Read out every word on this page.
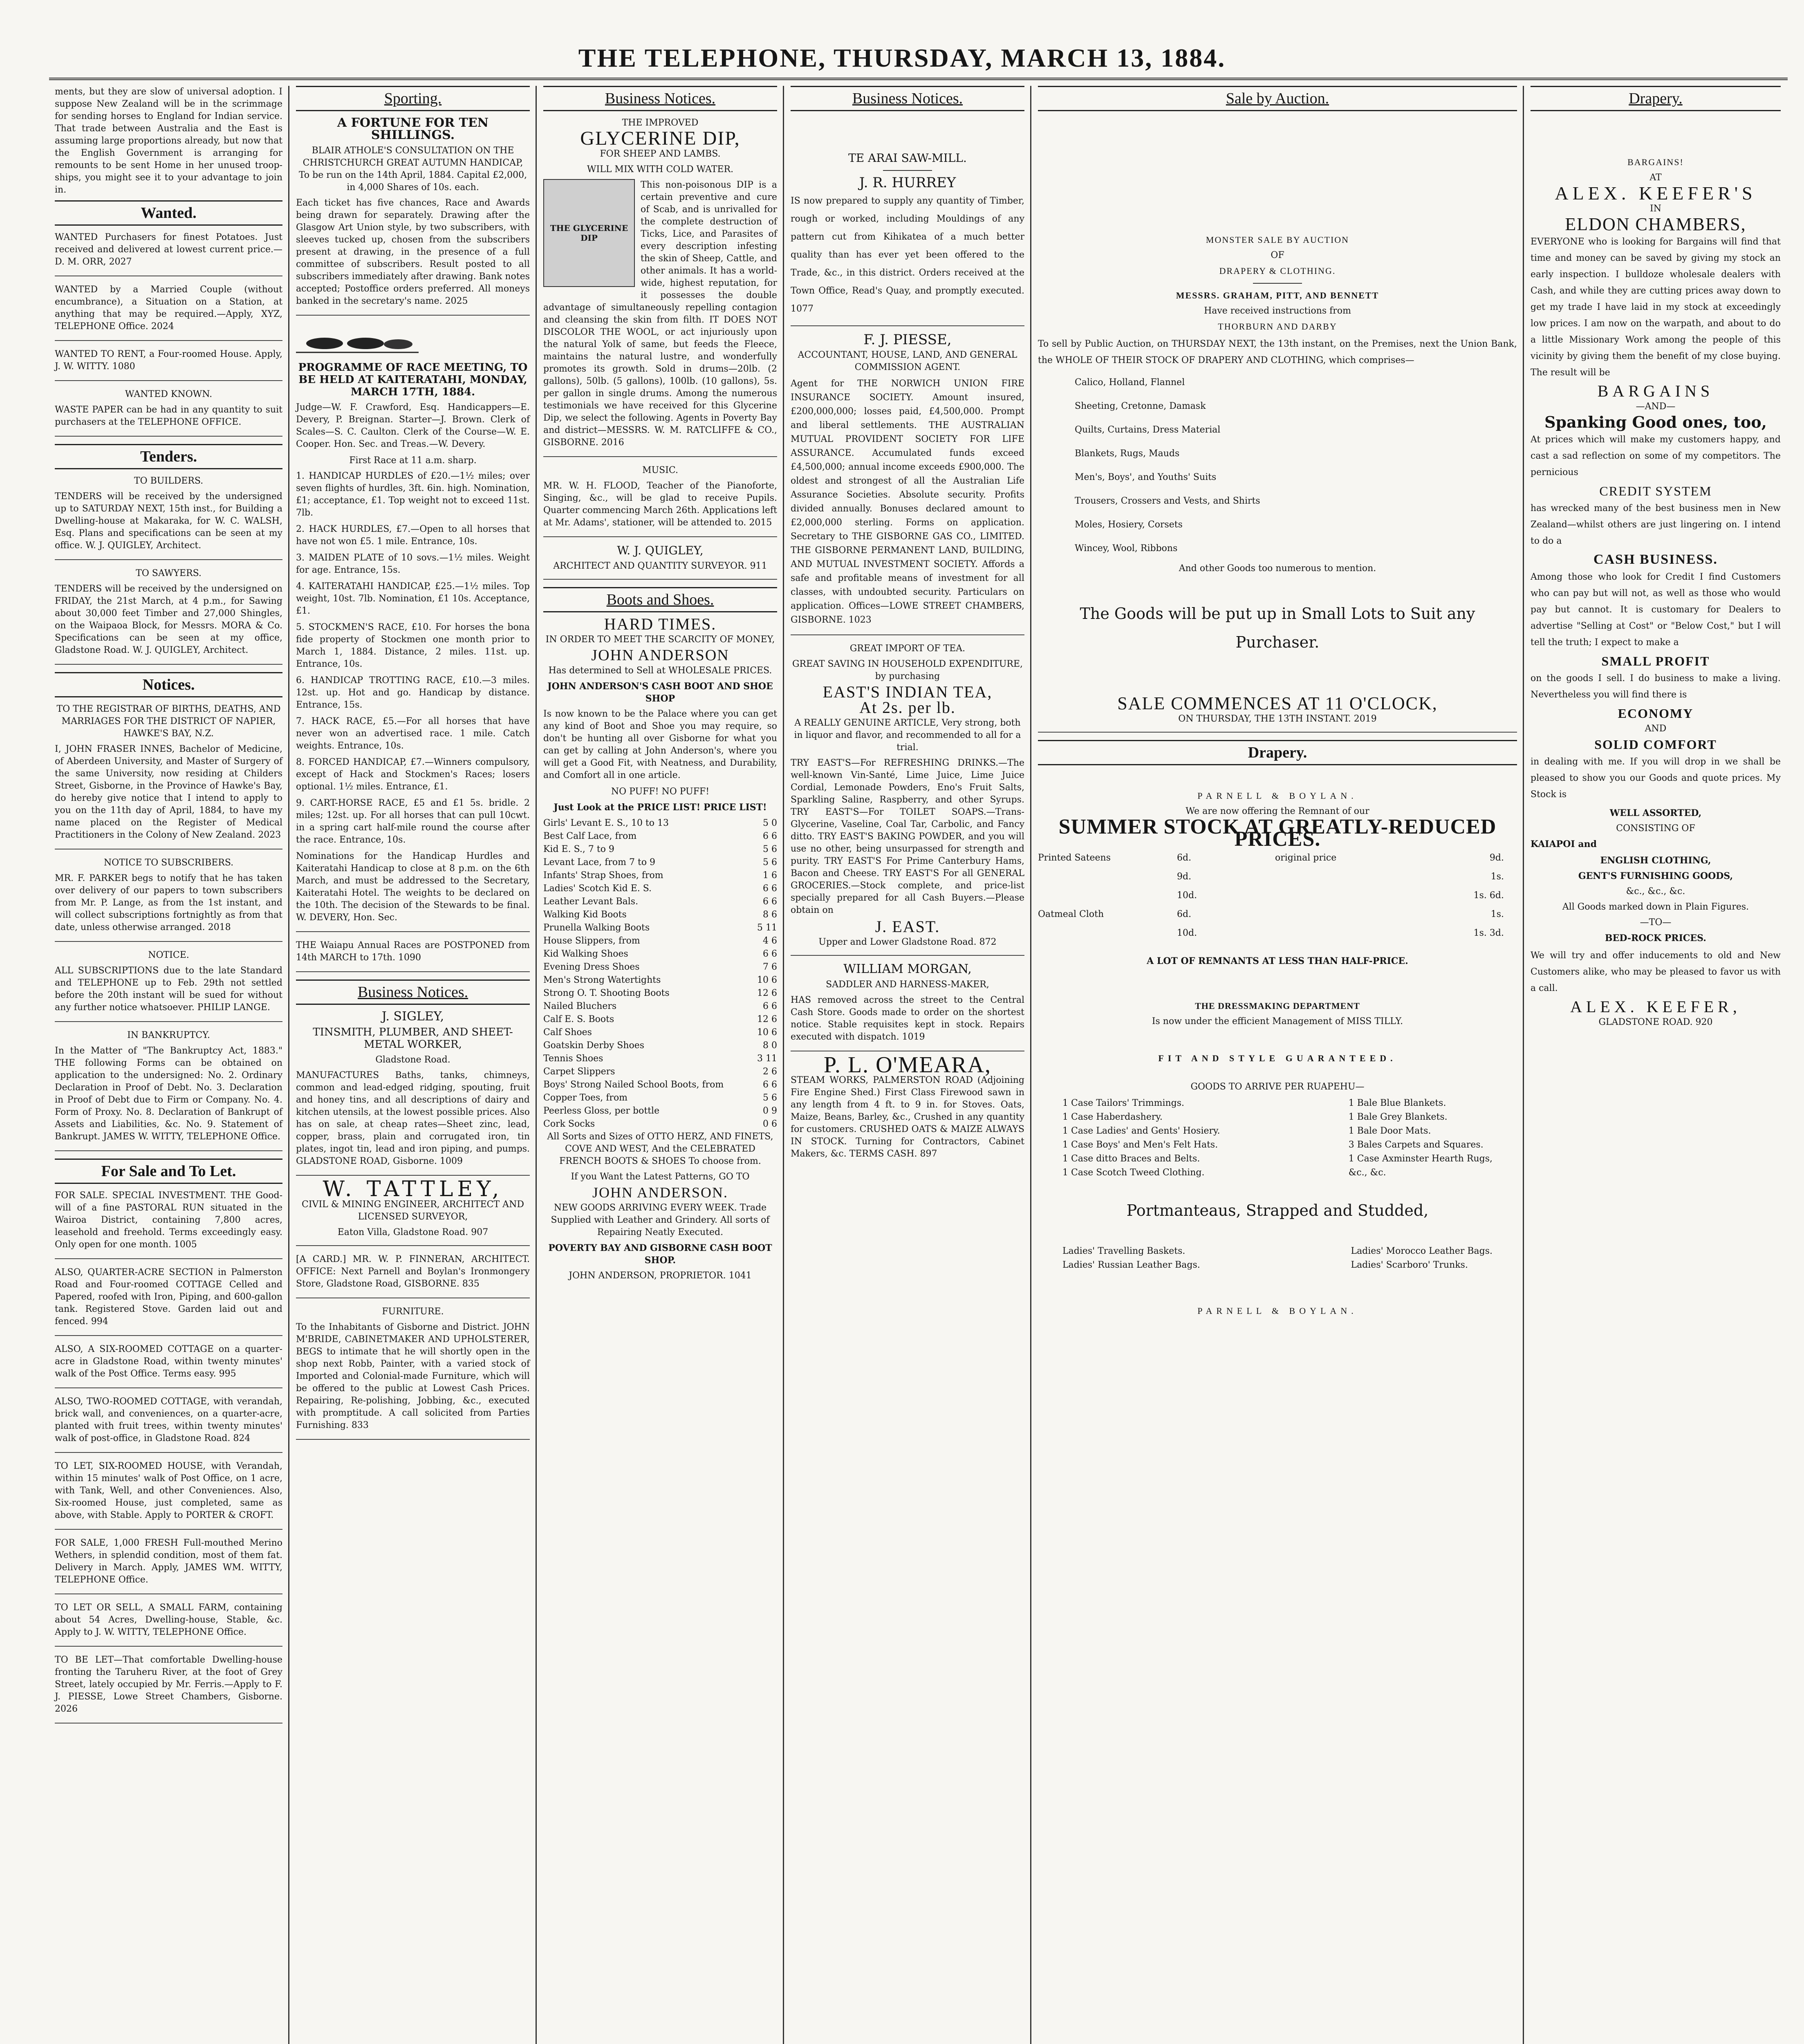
THE TELEPHONE, THURSDAY, MARCH 13, 1884.

ments, but they are slow of universal adoption. I suppose New Zealand will be in the scrimmage for sending horses to England for Indian service. That trade between Australia and the East is assuming large proportions already, but now that the English Government is arranging for remounts to be sent Home in her unused troop-ships, you might see it to your advantage to join in.

Wanted.

WANTED Purchasers for finest Potatoes. Just received and delivered at lowest current price.—D. M. ORR, 2027

WANTED by a Married Couple (without encumbrance), a Situation on a Station, at anything that may be required.—Apply, XYZ, TELEPHONE Office. 2024

WANTED TO RENT, a Four-roomed House. Apply, J. W. WITTY. 1080

WANTED KNOWN.

WASTE PAPER can be had in any quantity to suit purchasers at the TELEPHONE OFFICE.

Tenders.

TO BUILDERS.

TENDERS will be received by the undersigned up to SATURDAY NEXT, 15th inst., for Building a Dwelling-house at Makaraka, for W. C. WALSH, Esq. Plans and specifications can be seen at my office. W. J. QUIGLEY, Architect.

TO SAWYERS.

TENDERS will be received by the undersigned on FRIDAY, the 21st March, at 4 p.m., for Sawing about 30,000 feet Timber and 27,000 Shingles, on the Waipaoa Block, for Messrs. MORA & Co. Specifications can be seen at my office, Gladstone Road. W. J. QUIGLEY, Architect.

Notices.

TO THE REGISTRAR OF BIRTHS, DEATHS, AND MARRIAGES FOR THE DISTRICT OF NAPIER, HAWKE'S BAY, N.Z.

I, JOHN FRASER INNES, Bachelor of Medicine, of Aberdeen University, and Master of Surgery of the same University, now residing at Childers Street, Gisborne, in the Province of Hawke's Bay, do hereby give notice that I intend to apply to you on the 11th day of April, 1884, to have my name placed on the Register of Medical Practitioners in the Colony of New Zealand. 2023

NOTICE TO SUBSCRIBERS.

MR. F. PARKER begs to notify that he has taken over delivery of our papers to town subscribers from Mr. P. Lange, as from the 1st instant, and will collect subscriptions fortnightly as from that date, unless otherwise arranged. 2018

NOTICE.

ALL SUBSCRIPTIONS due to the late Standard and TELEPHONE up to Feb. 29th not settled before the 20th instant will be sued for without any further notice whatsoever. PHILIP LANGE.

IN BANKRUPTCY.

In the Matter of "The Bankruptcy Act, 1883." THE following Forms can be obtained on application to the undersigned: No. 2. Ordinary Declaration in Proof of Debt. No. 3. Declaration in Proof of Debt due to Firm or Company. No. 4. Form of Proxy. No. 8. Declaration of Bankrupt of Assets and Liabilities, &c. No. 9. Statement of Bankrupt. JAMES W. WITTY, TELEPHONE Office.

For Sale and To Let.

FOR SALE. SPECIAL INVESTMENT. THE Good-will of a fine PASTORAL RUN situated in the Wairoa District, containing 7,800 acres, leasehold and freehold. Terms exceedingly easy. Only open for one month. 1005

ALSO, QUARTER-ACRE SECTION in Palmerston Road and Four-roomed COTTAGE Celled and Papered, roofed with Iron, Piping, and 600-gallon tank. Registered Stove. Garden laid out and fenced. 994

ALSO, A SIX-ROOMED COTTAGE on a quarter-acre in Gladstone Road, within twenty minutes' walk of the Post Office. Terms easy. 995

ALSO, TWO-ROOMED COTTAGE, with verandah, brick wall, and conveniences, on a quarter-acre, planted with fruit trees, within twenty minutes' walk of post-office, in Gladstone Road. 824

TO LET, SIX-ROOMED HOUSE, with Verandah, within 15 minutes' walk of Post Office, on 1 acre, with Tank, Well, and other Conveniences. Also, Six-roomed House, just completed, same as above, with Stable. Apply to PORTER & CROFT.

FOR SALE, 1,000 FRESH Full-mouthed Merino Wethers, in splendid condition, most of them fat. Delivery in March. Apply, JAMES WM. WITTY, TELEPHONE Office.

TO LET OR SELL, A SMALL FARM, containing about 54 Acres, Dwelling-house, Stable, &c. Apply to J. W. WITTY, TELEPHONE Office.

TO BE LET—That comfortable Dwelling-house fronting the Taruheru River, at the foot of Grey Street, lately occupied by Mr. Ferris.—Apply to F. J. PIESSE, Lowe Street Chambers, Gisborne. 2026

Sporting.

A FORTUNE FOR TEN SHILLINGS.

BLAIR ATHOLE'S CONSULTATION ON THE CHRISTCHURCH GREAT AUTUMN HANDICAP, To be run on the 14th April, 1884. Capital £2,000, in 4,000 Shares of 10s. each.

Each ticket has five chances, Race and Awards being drawn for separately. Drawing after the Glasgow Art Union style, by two subscribers, with sleeves tucked up, chosen from the subscribers present at drawing, in the presence of a full committee of subscribers. Result posted to all subscribers immediately after drawing. Bank notes accepted; Postoffice orders preferred. All moneys banked in the secretary's name. 2025

PROGRAMME OF RACE MEETING, TO BE HELD AT KAITERATAHI, MONDAY, MARCH 17TH, 1884.

Judge—W. F. Crawford, Esq. Handicappers—E. Devery, P. Breignan. Starter—J. Brown. Clerk of Scales—S. C. Caulton. Clerk of the Course—W. E. Cooper. Hon. Sec. and Treas.—W. Devery.

First Race at 11 a.m. sharp.

1. HANDICAP HURDLES of £20.—1½ miles; over seven flights of hurdles, 3ft. 6in. high. Nomination, £1; acceptance, £1. Top weight not to exceed 11st. 7lb.

2. HACK HURDLES, £7.—Open to all horses that have not won £5. 1 mile. Entrance, 10s.

3. MAIDEN PLATE of 10 sovs.—1½ miles. Weight for age. Entrance, 15s.

4. KAITERATAHI HANDICAP, £25.—1½ miles. Top weight, 10st. 7lb. Nomination, £1 10s. Acceptance, £1.

5. STOCKMEN'S RACE, £10. For horses the bona fide property of Stockmen one month prior to March 1, 1884. Distance, 2 miles. 11st. up. Entrance, 10s.

6. HANDICAP TROTTING RACE, £10.—3 miles. 12st. up. Hot and go. Handicap by distance. Entrance, 15s.

7. HACK RACE, £5.—For all horses that have never won an advertised race. 1 mile. Catch weights. Entrance, 10s.

8. FORCED HANDICAP, £7.—Winners compulsory, except of Hack and Stockmen's Races; losers optional. 1½ miles. Entrance, £1.

9. CART-HORSE RACE, £5 and £1 5s. bridle. 2 miles; 12st. up. For all horses that can pull 10cwt. in a spring cart half-mile round the course after the race. Entrance, 10s.

Nominations for the Handicap Hurdles and Kaiteratahi Handicap to close at 8 p.m. on the 6th March, and must be addressed to the Secretary, Kaiteratahi Hotel. The weights to be declared on the 10th. The decision of the Stewards to be final. W. DEVERY, Hon. Sec.

THE Waiapu Annual Races are POSTPONED from 14th MARCH to 17th. 1090

Business Notices.

J. SIGLEY,

TINSMITH, PLUMBER, AND SHEET-METAL WORKER,

Gladstone Road.

MANUFACTURES Baths, tanks, chimneys, common and lead-edged ridging, spouting, fruit and honey tins, and all descriptions of dairy and kitchen utensils, at the lowest possible prices. Also has on sale, at cheap rates—Sheet zinc, lead, copper, brass, plain and corrugated iron, tin plates, ingot tin, lead and iron piping, and pumps. GLADSTONE ROAD, Gisborne. 1009

W. TATTLEY,

CIVIL & MINING ENGINEER, ARCHITECT AND LICENSED SURVEYOR,

Eaton Villa, Gladstone Road. 907

[A CARD.] MR. W. P. FINNERAN, ARCHITECT. OFFICE: Next Parnell and Boylan's Ironmongery Store, Gladstone Road, GISBORNE. 835

FURNITURE.

To the Inhabitants of Gisborne and District. JOHN M'BRIDE, CABINETMAKER AND UPHOLSTERER, BEGS to intimate that he will shortly open in the shop next Robb, Painter, with a varied stock of Imported and Colonial-made Furniture, which will be offered to the public at Lowest Cash Prices. Repairing, Re-polishing, Jobbing, &c., executed with promptitude. A call solicited from Parties Furnishing. 833

Business Notices.

THE IMPROVED

GLYCERINE DIP,

FOR SHEEP AND LAMBS.

WILL MIX WITH COLD WATER.

THE GLYCERINE DIP

This non-poisonous DIP is a certain preventive and cure of Scab, and is unrivalled for the complete destruction of Ticks, Lice, and Parasites of every description infesting the skin of Sheep, Cattle, and other animals. It has a world-wide, highest reputation, for it possesses the double advantage of simultaneously repelling contagion and cleansing the skin from filth. IT DOES NOT DISCOLOR THE WOOL, or act injuriously upon the natural Yolk of same, but feeds the Fleece, maintains the natural lustre, and wonderfully promotes its growth. Sold in drums—20lb. (2 gallons), 50lb. (5 gallons), 100lb. (10 gallons), 5s. per gallon in single drums. Among the numerous testimonials we have received for this Glycerine Dip, we select the following. Agents in Poverty Bay and district—MESSRS. W. M. RATCLIFFE & CO., GISBORNE. 2016

MUSIC.

MR. W. H. FLOOD, Teacher of the Pianoforte, Singing, &c., will be glad to receive Pupils. Quarter commencing March 26th. Applications left at Mr. Adams', stationer, will be attended to. 2015

W. J. QUIGLEY,

ARCHITECT AND QUANTITY SURVEYOR. 911

Boots and Shoes.

HARD TIMES.

IN ORDER TO MEET THE SCARCITY OF MONEY,

JOHN ANDERSON

Has determined to Sell at WHOLESALE PRICES.

JOHN ANDERSON'S CASH BOOT AND SHOE SHOP

Is now known to be the Palace where you can get any kind of Boot and Shoe you may require, so don't be hunting all over Gisborne for what you can get by calling at John Anderson's, where you will get a Good Fit, with Neatness, and Durability, and Comfort all in one article.

NO PUFF! NO PUFF!

Just Look at the PRICE LIST! PRICE LIST!

Girls' Levant E. S., 10 to 13	5 0
Best Calf Lace, from	6 6
Kid E. S., 7 to 9	5 6
Levant Lace, from 7 to 9	5 6
Infants' Strap Shoes, from	1 6
Ladies' Scotch Kid E. S.	6 6
Leather Levant Bals.	6 6
Walking Kid Boots	8 6
Prunella Walking Boots	5 11
House Slippers, from	4 6
Kid Walking Shoes	6 6
Evening Dress Shoes	7 6
Men's Strong Watertights	10 6
Strong O. T. Shooting Boots	12 6
Nailed Bluchers	6 6
Calf E. S. Boots	12 6
Calf Shoes	10 6
Goatskin Derby Shoes	8 0
Tennis Shoes	3 11
Carpet Slippers	2 6
Boys' Strong Nailed School Boots, from	6 6
Copper Toes, from	5 6
Peerless Gloss, per bottle	0 9
Cork Socks	0 6

All Sorts and Sizes of OTTO HERZ, AND FINETS, COVE AND WEST, And the CELEBRATED FRENCH BOOTS & SHOES To choose from.

If you Want the Latest Patterns, GO TO

JOHN ANDERSON.

NEW GOODS ARRIVING EVERY WEEK. Trade Supplied with Leather and Grindery. All sorts of Repairing Neatly Executed.

POVERTY BAY AND GISBORNE CASH BOOT SHOP.

JOHN ANDERSON, PROPRIETOR. 1041

Business Notices.

TE ARAI SAW-MILL.

J. R. HURREY

IS now prepared to supply any quantity of Timber, rough or worked, including Mouldings of any pattern cut from Kihikatea of a much better quality than has ever yet been offered to the Trade, &c., in this district. Orders received at the Town Office, Read's Quay, and promptly executed. 1077

F. J. PIESSE,

ACCOUNTANT, HOUSE, LAND, AND GENERAL COMMISSION AGENT.

Agent for THE NORWICH UNION FIRE INSURANCE SOCIETY. Amount insured, £200,000,000; losses paid, £4,500,000. Prompt and liberal settlements. THE AUSTRALIAN MUTUAL PROVIDENT SOCIETY FOR LIFE ASSURANCE. Accumulated funds exceed £4,500,000; annual income exceeds £900,000. The oldest and strongest of all the Australian Life Assurance Societies. Absolute security. Profits divided annually. Bonuses declared amount to £2,000,000 sterling. Forms on application. Secretary to THE GISBORNE GAS CO., LIMITED. THE GISBORNE PERMANENT LAND, BUILDING, AND MUTUAL INVESTMENT SOCIETY. Affords a safe and profitable means of investment for all classes, with undoubted security. Particulars on application. Offices—LOWE STREET CHAMBERS, GISBORNE. 1023

GREAT IMPORT OF TEA.

GREAT SAVING IN HOUSEHOLD EXPENDITURE, by purchasing

EAST'S INDIAN TEA,

At 2s. per lb.

A REALLY GENUINE ARTICLE, Very strong, both in liquor and flavor, and recommended to all for a trial.

TRY EAST'S—For REFRESHING DRINKS.—The well-known Vin-Santé, Lime Juice, Lime Juice Cordial, Lemonade Powders, Eno's Fruit Salts, Sparkling Saline, Raspberry, and other Syrups. TRY EAST'S—For TOILET SOAPS.—Trans-Glycerine, Vaseline, Coal Tar, Carbolic, and Fancy ditto. TRY EAST'S BAKING POWDER, and you will use no other, being unsurpassed for strength and purity. TRY EAST'S For Prime Canterbury Hams, Bacon and Cheese. TRY EAST'S For all GENERAL GROCERIES.—Stock complete, and price-list specially prepared for all Cash Buyers.—Please obtain on

J. EAST.

Upper and Lower Gladstone Road. 872

WILLIAM MORGAN,

SADDLER AND HARNESS-MAKER,

HAS removed across the street to the Central Cash Store. Goods made to order on the shortest notice. Stable requisites kept in stock. Repairs executed with dispatch. 1019

P. L. O'MEARA,

STEAM WORKS, PALMERSTON ROAD (Adjoining Fire Engine Shed.) First Class Firewood sawn in any length from 4 ft. to 9 in. for Stoves. Oats, Maize, Beans, Barley, &c., Crushed in any quantity for customers. CRUSHED OATS & MAIZE ALWAYS IN STOCK. Turning for Contractors, Cabinet Makers, &c. TERMS CASH. 897

Sale by Auction.

MONSTER SALE BY AUCTION

OF

DRAPERY & CLOTHING.

MESSRS. GRAHAM, PITT, AND BENNETT

Have received instructions from

THORBURN AND DARBY

To sell by Public Auction, on THURSDAY NEXT, the 13th instant, on the Premises, next the Union Bank, the WHOLE OF THEIR STOCK OF DRAPERY AND CLOTHING, which comprises—

Calico, Holland, Flannel

Sheeting, Cretonne, Damask

Quilts, Curtains, Dress Material

Blankets, Rugs, Mauds

Men's, Boys', and Youths' Suits

Trousers, Crossers and Vests, and Shirts

Moles, Hosiery, Corsets

Wincey, Wool, Ribbons

And other Goods too numerous to mention.

The Goods will be put up in Small Lots to Suit any Purchaser.

SALE COMMENCES AT 11 O'CLOCK,

ON THURSDAY, THE 13TH INSTANT. 2019

Drapery.

PARNELL & BOYLAN.

We are now offering the Remnant of our

SUMMER STOCK AT GREATLY-REDUCED PRICES.

Printed Sateens	6d.	original price	9d.
9d.	1s.
10d.	1s. 6d.
Oatmeal Cloth	6d.	1s.
10d.	1s. 3d.

A LOT OF REMNANTS AT LESS THAN HALF-PRICE.

THE DRESSMAKING DEPARTMENT

Is now under the efficient Management of MISS TILLY.

FIT AND STYLE GUARANTEED.

GOODS TO ARRIVE PER RUAPEHU—

1 Case Tailors' Trimmings.
1 Case Haberdashery.
1 Case Ladies' and Gents' Hosiery.
1 Case Boys' and Men's Felt Hats.
1 Case ditto Braces and Belts.
1 Case Scotch Tweed Clothing.
1 Bale Blue Blankets.
1 Bale Grey Blankets.
1 Bale Door Mats.
3 Bales Carpets and Squares.
1 Case Axminster Hearth Rugs,
&c., &c.

Portmanteaus, Strapped and Studded,

Ladies' Travelling Baskets.
Ladies' Russian Leather Bags.
Ladies' Morocco Leather Bags.
Ladies' Scarboro' Trunks.

PARNELL & BOYLAN.

Drapery.

BARGAINS!

AT

ALEX. KEEFER'S

IN

ELDON CHAMBERS,

EVERYONE who is looking for Bargains will find that time and money can be saved by giving my stock an early inspection. I bulldoze wholesale dealers with Cash, and while they are cutting prices away down to get my trade I have laid in my stock at exceedingly low prices. I am now on the warpath, and about to do a little Missionary Work among the people of this vicinity by giving them the benefit of my close buying. The result will be

BARGAINS

—AND—

Spanking Good ones, too,

At prices which will make my customers happy, and cast a sad reflection on some of my competitors. The pernicious

CREDIT SYSTEM

has wrecked many of the best business men in New Zealand—whilst others are just lingering on. I intend to do a

CASH BUSINESS.

Among those who look for Credit I find Customers who can pay but will not, as well as those who would pay but cannot. It is customary for Dealers to advertise "Selling at Cost" or "Below Cost," but I will tell the truth; I expect to make a

SMALL PROFIT

on the goods I sell. I do business to make a living. Nevertheless you will find there is

ECONOMY

AND

SOLID COMFORT

in dealing with me. If you will drop in we shall be pleased to show you our Goods and quote prices. My Stock is

WELL ASSORTED,

CONSISTING OF

KAIAPOI and

ENGLISH CLOTHING,

GENT'S FURNISHING GOODS,

&c., &c., &c.

All Goods marked down in Plain Figures.

—TO—

BED-ROCK PRICES.

We will try and offer inducements to old and New Customers alike, who may be pleased to favor us with a call.

ALEX. KEEFER,

GLADSTONE ROAD. 920
